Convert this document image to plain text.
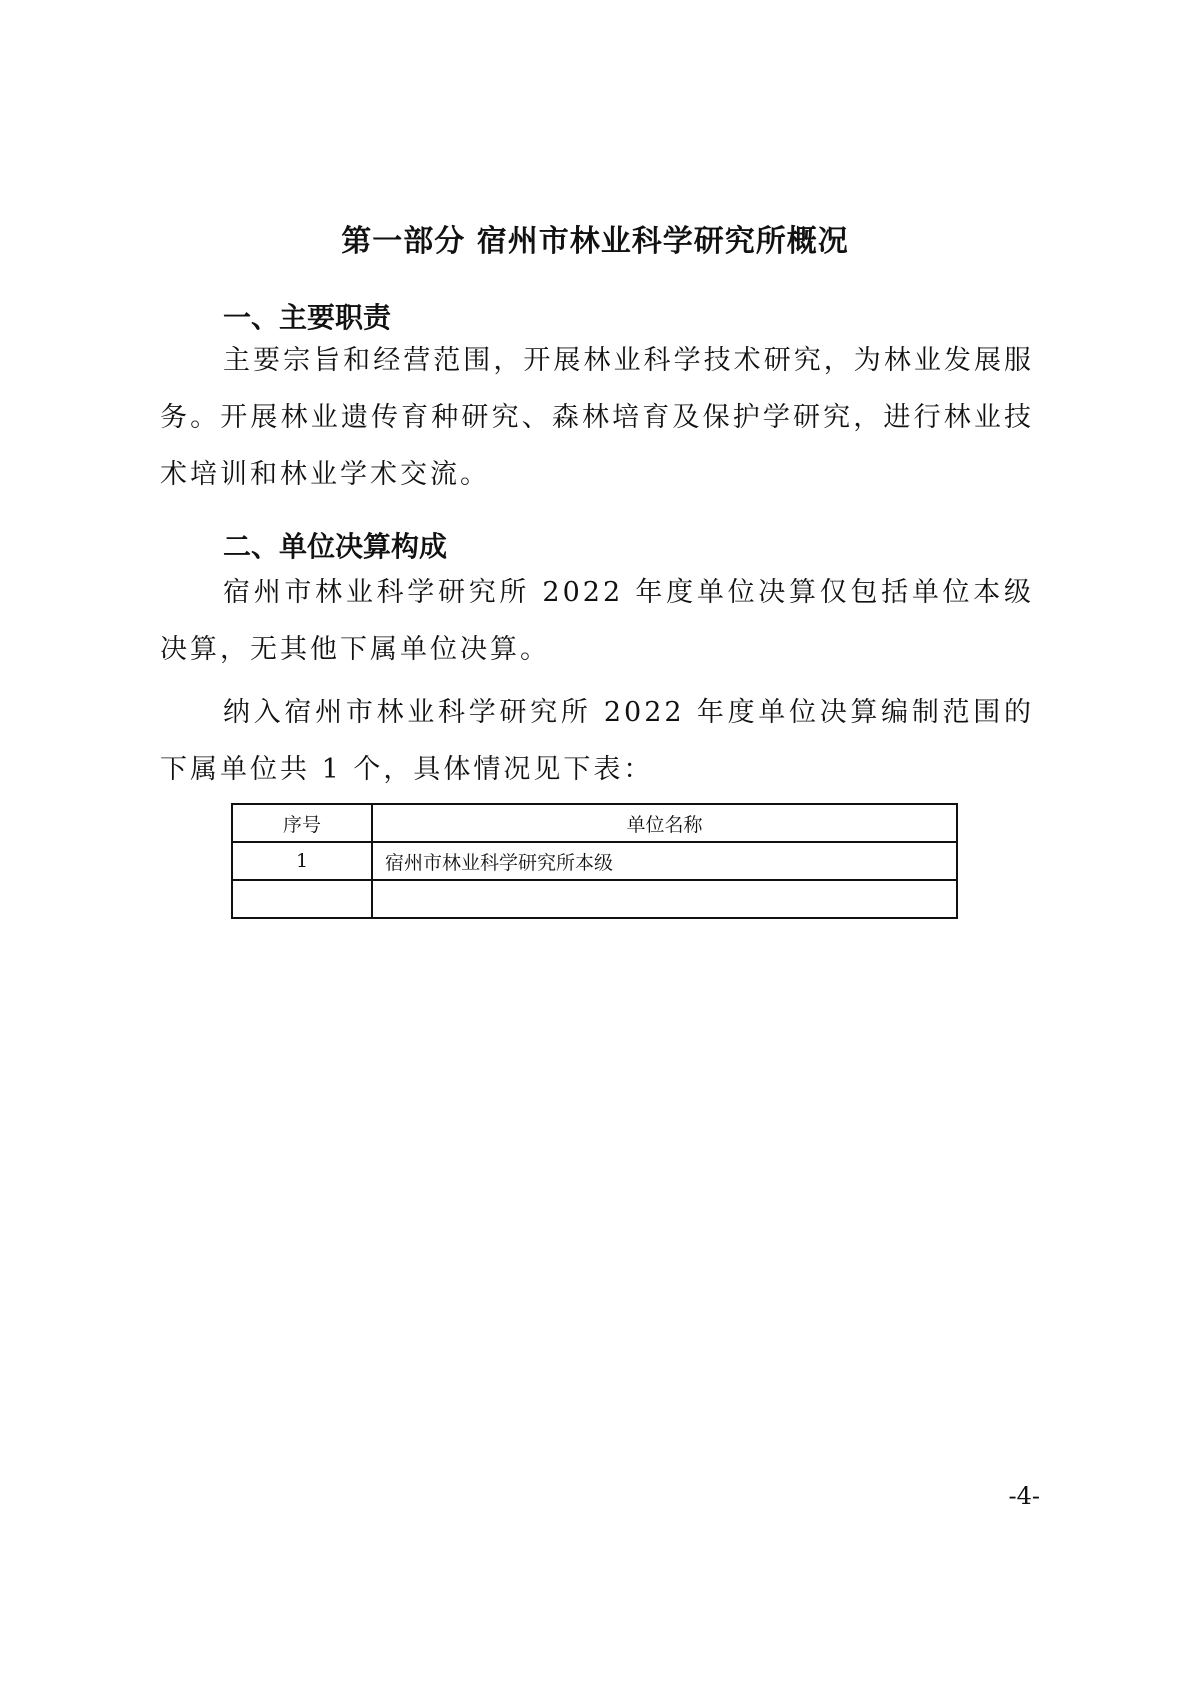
第一部分 宿州市林业科学研究所概况
一、主要职责

主要宗旨和经营范围，开展林业科学技术研究，为林业发展服务。开展林业遗传育种研究、森林培育及保护学研究，进行林业技术培训和林业学术交流。

二、单位决算构成

宿州市林业科学研究所 2022 年度单位决算仅包括单位本级决算，无其他下属单位决算。

纳入宿州市林业科学研究所 2022 年度单位决算编制范围的下属单位共 1 个，具体情况见下表：

序号	单位名称
1	宿州市林业科学研究所本级

-4-
